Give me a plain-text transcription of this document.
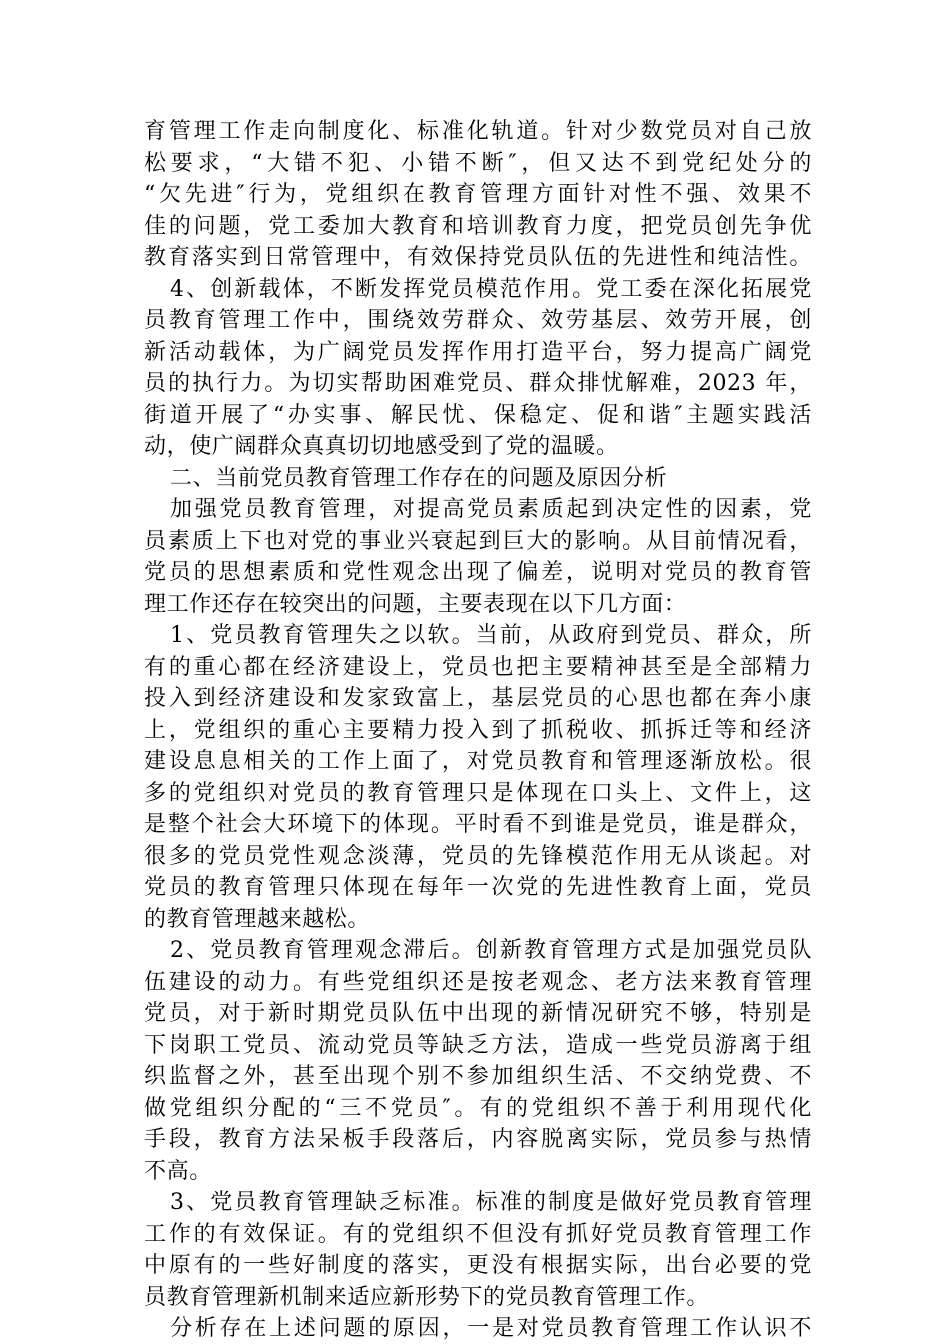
育管理工作走向制度化、标准化轨道。针对少数党员对自己放
松要求，“大错不犯、小错不断″，但又达不到党纪处分的
“欠先进″行为，党组织在教育管理方面针对性不强、效果不
佳的问题，党工委加大教育和培训教育力度，把党员创先争优
教育落实到日常管理中，有效保持党员队伍的先进性和纯洁性。
4、创新载体，不断发挥党员模范作用。党工委在深化拓展党
员教育管理工作中，围绕效劳群众、效劳基层、效劳开展，创
新活动载体，为广阔党员发挥作用打造平台，努力提高广阔党
员的执行力。为切实帮助困难党员、群众排忧解难，2023 年，
街道开展了“办实事、解民忧、保稳定、促和谐″主题实践活
动，使广阔群众真真切切地感受到了党的温暖。
二、当前党员教育管理工作存在的问题及原因分析
加强党员教育管理，对提高党员素质起到决定性的因素，党
员素质上下也对党的事业兴衰起到巨大的影响。从目前情况看，
党员的思想素质和党性观念出现了偏差，说明对党员的教育管
理工作还存在较突出的问题，主要表现在以下几方面：
1、党员教育管理失之以软。当前，从政府到党员、群众，所
有的重心都在经济建设上，党员也把主要精神甚至是全部精力
投入到经济建设和发家致富上，基层党员的心思也都在奔小康
上，党组织的重心主要精力投入到了抓税收、抓拆迁等和经济
建设息息相关的工作上面了，对党员教育和管理逐渐放松。很
多的党组织对党员的教育管理只是体现在口头上、文件上，这
是整个社会大环境下的体现。平时看不到谁是党员，谁是群众，
很多的党员党性观念淡薄，党员的先锋模范作用无从谈起。对
党员的教育管理只体现在每年一次党的先进性教育上面，党员
的教育管理越来越松。
2、党员教育管理观念滞后。创新教育管理方式是加强党员队
伍建设的动力。有些党组织还是按老观念、老方法来教育管理
党员，对于新时期党员队伍中出现的新情况研究不够，特别是
下岗职工党员、流动党员等缺乏方法，造成一些党员游离于组
织监督之外，甚至出现个别不参加组织生活、不交纳党费、不
做党组织分配的“三不党员″。有的党组织不善于利用现代化
手段，教育方法呆板手段落后，内容脱离实际，党员参与热情
不高。
3、党员教育管理缺乏标准。标准的制度是做好党员教育管理
工作的有效保证。有的党组织不但没有抓好党员教育管理工作
中原有的一些好制度的落实，更没有根据实际，出台必要的党
员教育管理新机制来适应新形势下的党员教育管理工作。
分析存在上述问题的原因，一是对党员教育管理工作认识不
